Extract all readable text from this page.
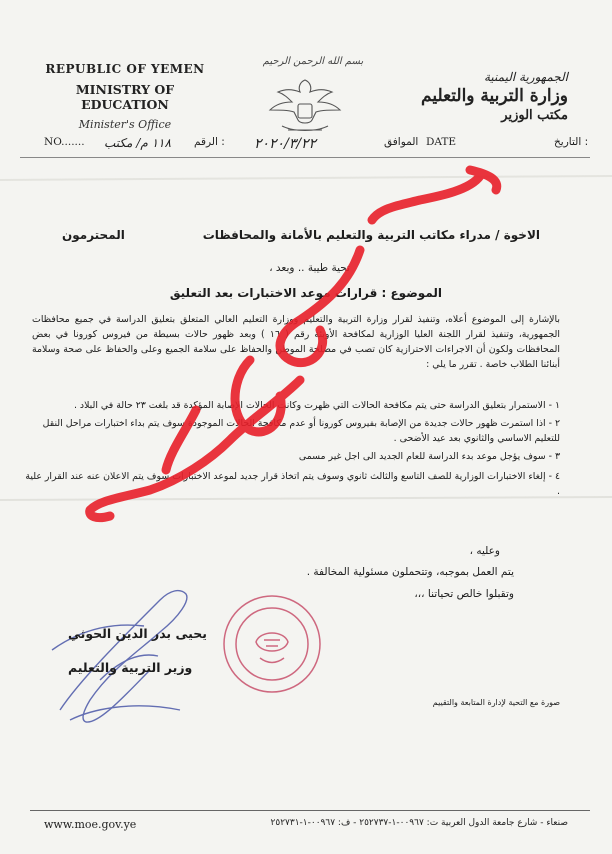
REPUBLIC OF YEMEN
MINISTRY OF EDUCATION
Minister's Office
بسم الله الرحمن الرحيم
الجمهورية اليمنية
وزارة التربية والتعليم
مكتب الوزير
NO....... ١١٨ م/ مكتب الرقم : ٢٠٢٠/٣/٢٢	الموافق DATE	التاريخ :
الاخوة / مدراء مكاتب التربية والتعليم بالأمانة والمحافظات
المحترمون
تحية طيبة .. وبعد ،
الموضوع : قرارات موعد الاختبارات بعد التعليق
بالإشارة إلى الموضوع أعلاه، وتنفيذ لقرار وزارة التربية والتعليم ووزارة التعليم العالي المتعلق بتعليق الدراسة في جميع محافظات الجمهورية، وتنفيذ لقرار اللجنة العليا الوزارية لمكافحة الأوبئة رقم ( ١٦ ) وبعد ظهور حالات بسيطة من فيروس كورونا في بعض المحافظات ولكون أن الاجراءات الاحترازية كان تصب في مصلحة الموطن والحفاظ على سلامة الجميع وعلى والحفاظ على صحة وسلامة أبنائنا الطلاب خاصة . تقرر ما يلي :
١ - الاستمرار بتعليق الدراسة حتى يتم مكافحة الحالات التي ظهرت وكانت الحالات الإصابة المؤكدة قد بلغت ٢٣ حالة في البلاد .
٢ - اذا استمرت ظهور حالات جديدة من الإصابة بفيروس كورونا أو عدم مكافحة الحالات الموجودة سوف يتم بداء اختبارات مراحل النقل للتعليم الاساسي والثانوي بعد عيد الأضحى .
٣ - سوف يؤجل موعد بدء الدراسة للعام الجديد الى اجل غير مسمى
٤ - إلغاء الاختبارات الوزارية للصف التاسع والثالث ثانوي وسوف يتم اتخاذ قرار جديد لموعد الاختبارات سوف يتم الاعلان عنه عند القرار علية .
وعليه ،
يتم العمل بموجبه، وتتحملون مسئولية المخالفة .
وتقبلوا خالص تحياتنا ،،،
يحيى بدر الدين الحوثي
وزير التربية والتعليم
صورة مع التحية لإدارة المتابعة والتقييم
www.moe.gov.ye	صنعاء - شارع جامعة الدول العربية ت: ٠٠٩٦٧-١-٢٥٢٧٣٧ - ف: ٠٠٩٦٧-١-٢٥٢٧٣١
